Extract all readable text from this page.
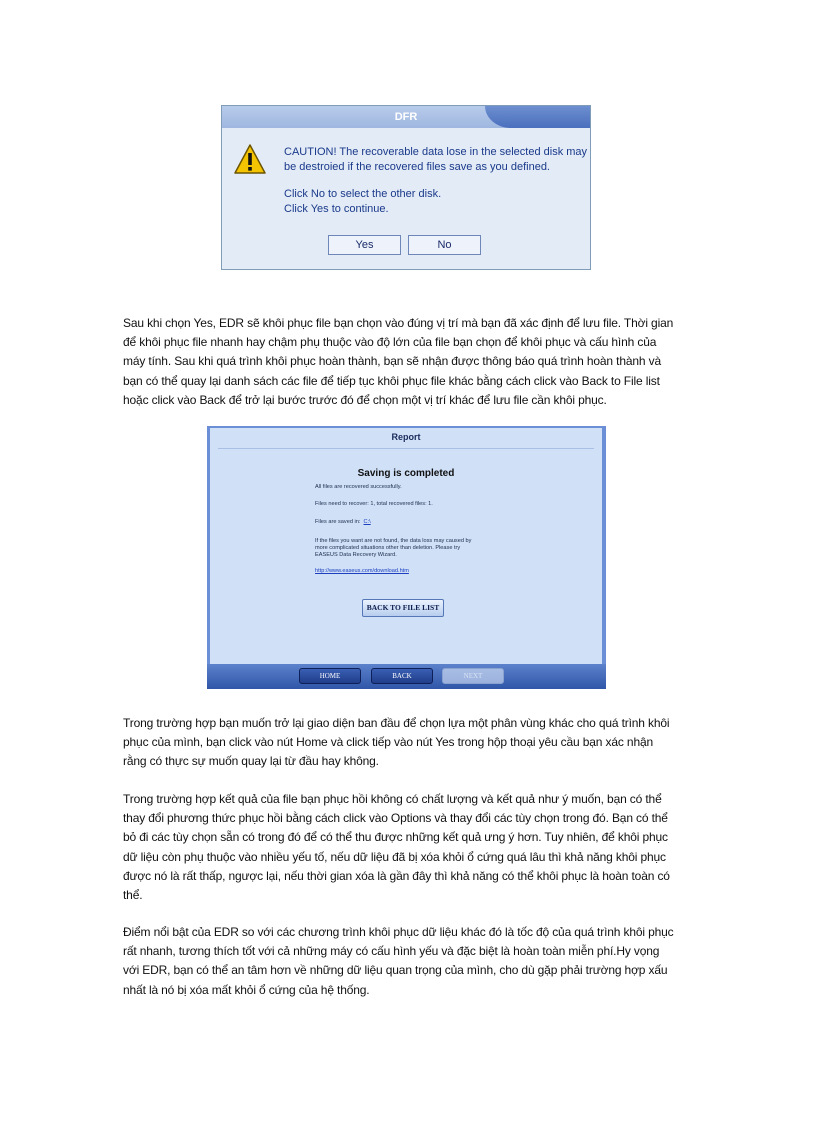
DFR
CAUTION! The recoverable data lose in the selected disk may
be destroied if the recovered files save as you defined.
Click No to select the other disk.
Click Yes to continue.
Yes	No
Sau khi chọn Yes, EDR sẽ khôi phục file bạn chọn vào đúng vị trí mà bạn đã xác định để lưu file. Thời gian
để khôi phục file nhanh hay chậm phụ thuộc vào độ lớn của file bạn chọn để khôi phục và cấu hình của
máy tính. Sau khi quá trình khôi phục hoàn thành, bạn sẽ nhận được thông báo quá trình hoàn thành và
bạn có thể quay lại danh sách các file để tiếp tục khôi phục file khác bằng cách click vào Back to File list
hoặc click vào Back để trở lại bước trước đó để chọn một vị trí khác để lưu file cần khôi phục.
Report
Saving is completed
All files are recovered successfully.
Files need to recover: 1, total recovered files: 1.
Files are saved in: C:\
If the files you want are not found, the data loss may caused by
more complicated situations other than deletion. Please try
EASEUS Data Recovery Wizard.
http://www.easeus.com/download.htm
BACK TO FILE LIST
HOME	BACK	NEXT
Trong trường hợp bạn muốn trở lại giao diện ban đầu để chọn lựa một phân vùng khác cho quá trình khôi
phục của mình, bạn click vào nút Home và click tiếp vào nút Yes trong hộp thoại yêu cầu bạn xác nhận
rằng có thực sự muốn quay lại từ đầu hay không.
Trong trường hợp kết quả của file bạn phục hồi không có chất lượng và kết quả như ý muốn, bạn có thể
thay đổi phương thức phục hồi bằng cách click vào Options và thay đổi các tùy chọn trong đó. Bạn có thể
bỏ đi các tùy chọn sẵn có trong đó để có thể thu được những kết quả ưng ý hơn. Tuy nhiên, để khôi phục
dữ liệu còn phụ thuộc vào nhiều yếu tố, nếu dữ liệu đã bị xóa khỏi ổ cứng quá lâu thì khả năng khôi phục
được nó là rất thấp, ngược lại, nếu thời gian xóa là gần đây thì khả năng có thể khôi phục là hoàn toàn có
thể.
Điểm nổi bật của EDR so với các chương trình khôi phục dữ liệu khác đó là tốc độ của quá trình khôi phục
rất nhanh, tương thích tốt với cả những máy có cấu hình yếu và đặc biệt là hoàn toàn miễn phí.Hy vọng
với EDR, bạn có thể an tâm hơn về những dữ liệu quan trọng của mình, cho dù gặp phải trường hợp xấu
nhất là nó bị xóa mất khỏi ổ cứng của hệ thống.
